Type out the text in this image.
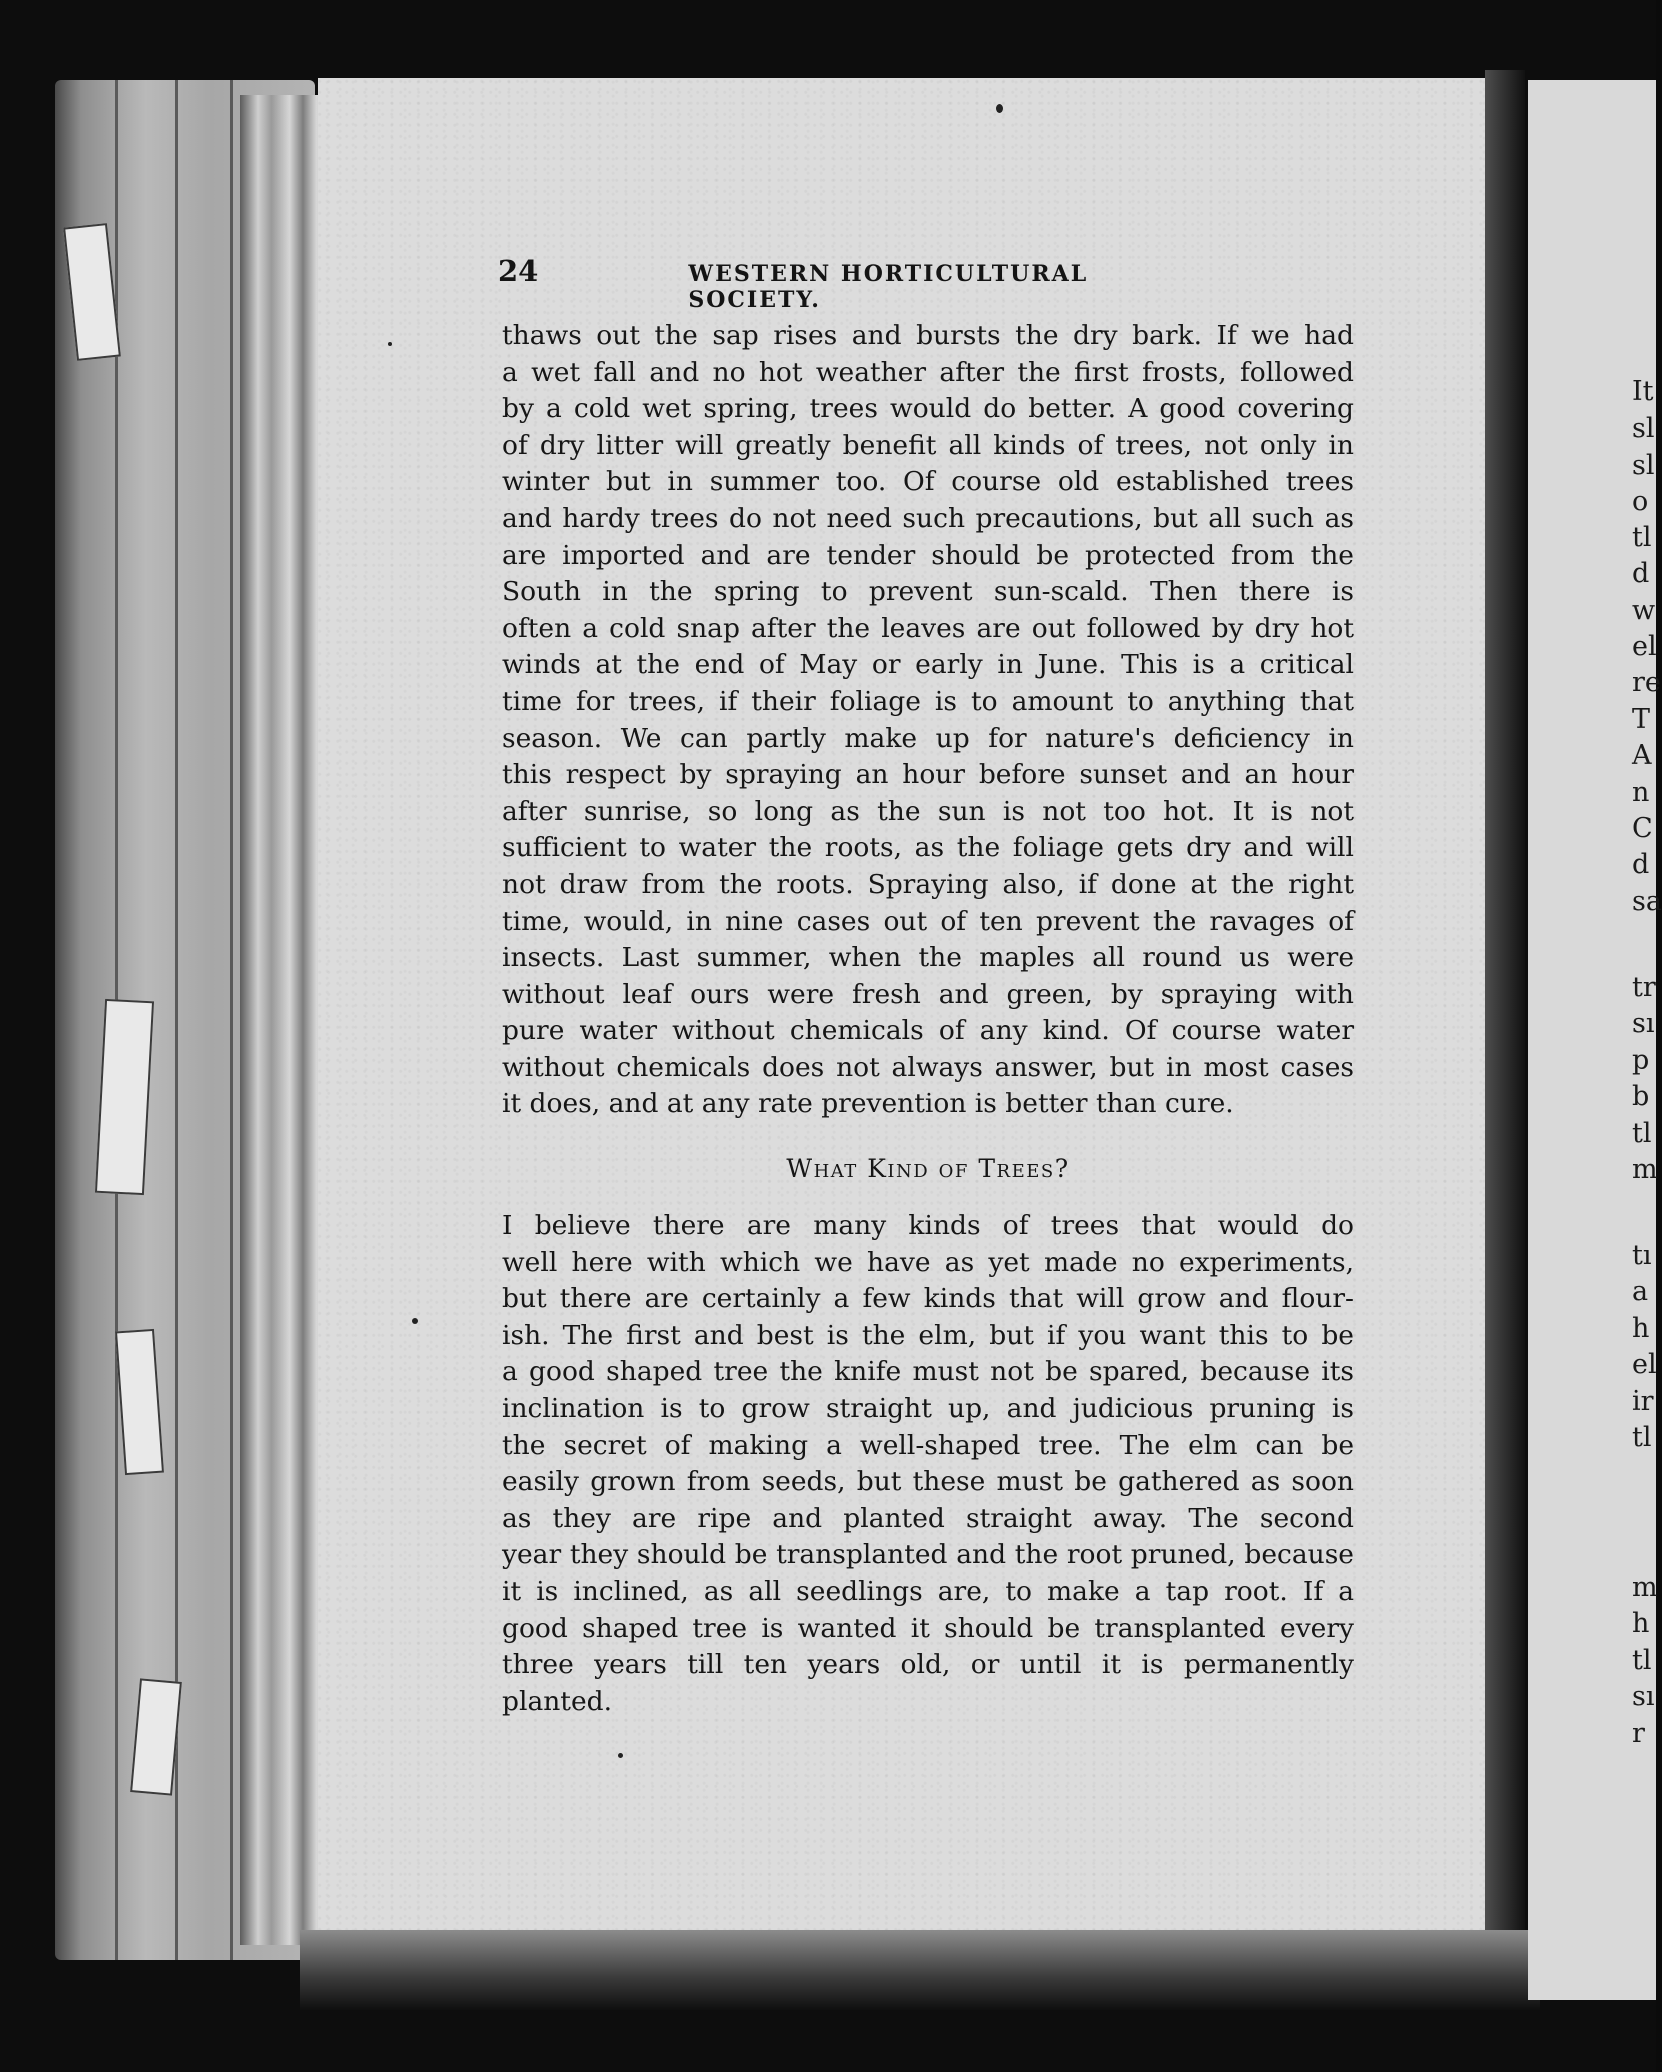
It
sl
sl
o
tl
d
w
el
re
T
A
n
C
d
sa
tr
sı
p
b
tl
m
tı
a
h
el
ir
tl
m
h
tl
sı
r
24	WESTERN HORTICULTURAL SOCIETY.
thaws out the sap rises and bursts the dry bark. If we had
a wet fall and no hot weather after the first frosts, followed
by a cold wet spring, trees would do better. A good covering
of dry litter will greatly benefit all kinds of trees, not only in
winter but in summer too. Of course old established trees
and hardy trees do not need such precautions, but all such as
are imported and are tender should be protected from the
South in the spring to prevent sun-scald. Then there is
often a cold snap after the leaves are out followed by dry hot
winds at the end of May or early in June. This is a critical
time for trees, if their foliage is to amount to anything that
season. We can partly make up for nature's deficiency in
this respect by spraying an hour before sunset and an hour
after sunrise, so long as the sun is not too hot. It is not
sufficient to water the roots, as the foliage gets dry and will
not draw from the roots. Spraying also, if done at the right
time, would, in nine cases out of ten prevent the ravages of
insects. Last summer, when the maples all round us were
without leaf ours were fresh and green, by spraying with
pure water without chemicals of any kind. Of course water
without chemicals does not always answer, but in most cases
it does, and at any rate prevention is better than cure.
What Kind of Trees?
I believe there are many kinds of trees that would do
well here with which we have as yet made no experiments,
but there are certainly a few kinds that will grow and flour-
ish. The first and best is the elm, but if you want this to be
a good shaped tree the knife must not be spared, because its
inclination is to grow straight up, and judicious pruning is
the secret of making a well-shaped tree. The elm can be
easily grown from seeds, but these must be gathered as soon
as they are ripe and planted straight away. The second
year they should be transplanted and the root pruned, because
it is inclined, as all seedlings are, to make a tap root. If a
good shaped tree is wanted it should be transplanted every
three years till ten years old, or until it is permanently
planted.
